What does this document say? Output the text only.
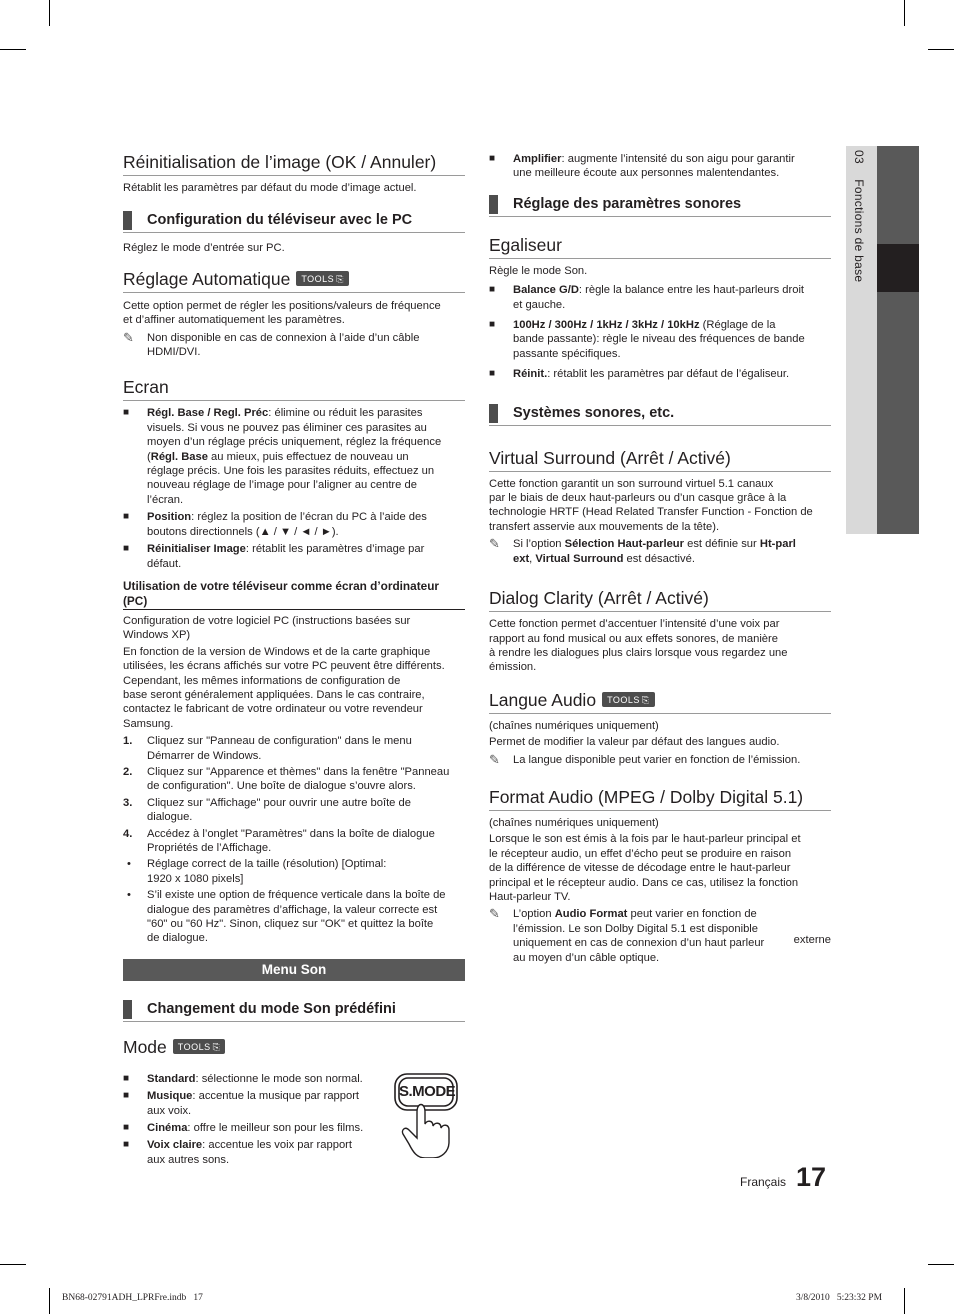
03  Fonctions de base
Réinitialisation de l’image (OK / Annuler)

Rétablit les paramètres par défaut du mode d’image actuel.

Configuration du téléviseur avec le PC

Réglez le mode d’entrée sur PC.

Réglage Automatique TOOLS ⎘

Cette option permet de régler les positions/valeurs de fréquence

et d’affiner automatiquement les paramètres.

✎	Non disponible en cas de connexion à l’aide d’un câble
HDMI/DVI.
Ecran
■	Régl. Base / Regl. Préc: élimine ou réduit les parasites
visuels. Si vous ne pouvez pas éliminer ces parasites au
moyen d’un réglage précis uniquement, réglez la fréquence
(Régl. Base au mieux, puis effectuez de nouveau un
réglage précis. Une fois les parasites réduits, effectuez un
nouveau réglage de l’image pour l’aligner au centre de
l’écran.
■	Position: réglez la position de l’écran du PC à l’aide des
boutons directionnels (▲ / ▼ / ◄ / ►).
■	Réinitialiser Image: rétablit les paramètres d’image par
défaut.

Utilisation de votre téléviseur comme écran d’ordinateur (PC)

Configuration de votre logiciel PC (instructions basées sur
Windows XP)
En fonction de la version de Windows et de la carte graphique
utilisées, les écrans affichés sur votre PC peuvent être différents.
Cependant, les mêmes informations de configuration de
base seront généralement appliquées. Dans le cas contraire,
contactez le fabricant de votre ordinateur ou votre revendeur
Samsung.
1.	Cliquez sur "Panneau de configuration" dans le menu
Démarrer de Windows.
2.	Cliquez sur "Apparence et thèmes" dans la fenêtre "Panneau
de configuration". Une boîte de dialogue s’ouvre alors.
3.	Cliquez sur "Affichage" pour ouvrir une autre boîte de
dialogue.
4.	Accédez à l’onglet "Paramètres" dans la boîte de dialogue
Propriétés de l’Affichage.
•	Réglage correct de la taille (résolution) [Optimal:
1920 x 1080 pixels]
•	S’il existe une option de fréquence verticale dans la boîte de
dialogue des paramètres d’affichage, la valeur correcte est
"60" ou "60 Hz". Sinon, cliquez sur "OK" et quittez la boîte
de dialogue.
Menu Son
Changement du mode Son prédéfini
Mode TOOLS ⎘
■	Standard: sélectionne le mode son normal.
■	Musique: accentue la musique par rapport
aux voix.
■	Cinéma: offre le meilleur son pour les films.
■	Voix claire: accentue les voix par rapport
aux autres sons.
S.MODE
■	Amplifier: augmente l’intensité du son aigu pour garantir
une meilleure écoute aux personnes malentendantes.
Réglage des paramètres sonores
Egaliseur

Règle le mode Son.

■	Balance G/D: règle la balance entre les haut-parleurs droit
et gauche.
■	100Hz / 300Hz / 1kHz / 3kHz / 10kHz (Réglage de la
bande passante): règle le niveau des fréquences de bande
passante spécifiques.
■	Réinit.: rétablit les paramètres par défaut de l’égaliseur.
Systèmes sonores, etc.
Virtual Surround (Arrêt / Activé)
Cette fonction garantit un son surround virtuel 5.1 canaux
par le biais de deux haut-parleurs ou d’un casque grâce à la
technologie HRTF (Head Related Transfer Function - Fonction de
transfert asservie aux mouvements de la tête).
✎	Si l’option Sélection Haut-parleur est définie sur Ht-parl
ext, Virtual Surround est désactivé.
Dialog Clarity (Arrêt / Activé)
Cette fonction permet d’accentuer l’intensité d’une voix par
rapport au fond musical ou aux effets sonores, de manière
à rendre les dialogues plus clairs lorsque vous regardez une
émission.
Langue Audio TOOLS ⎘

(chaînes numériques uniquement)

Permet de modifier la valeur par défaut des langues audio.

✎	La langue disponible peut varier en fonction de l’émission.
Format Audio (MPEG / Dolby Digital 5.1)

(chaînes numériques uniquement)

Lorsque le son est émis à la fois par le haut-parleur principal et
le récepteur audio, un effet d’écho peut se produire en raison
de la différence de vitesse de décodage entre le haut-parleur
principal et le récepteur audio. Dans ce cas, utilisez la fonction
Haut-parleur TV.
✎	L’option Audio Format peut varier en fonction de
l’émission. Le son Dolby Digital 5.1 est disponible
uniquement en cas de connexion d’un haut parleur	externe
au moyen d’un câble optique.
Français 17
BN68-02791ADH_LPRFre.indb   17	3/8/2010   5:23:32 PM
